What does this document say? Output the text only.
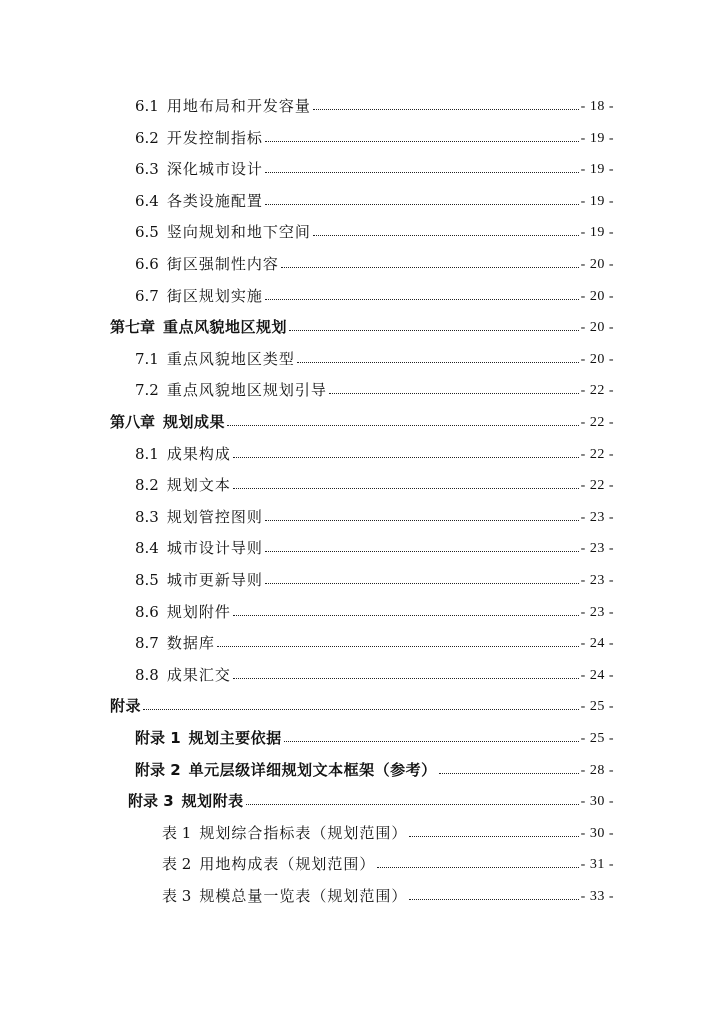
6.1 用地布局和开发容量	- 18 -
6.2 开发控制指标	- 19 -
6.3 深化城市设计	- 19 -
6.4 各类设施配置	- 19 -
6.5 竖向规划和地下空间	- 19 -
6.6 街区强制性内容	- 20 -
6.7 街区规划实施	- 20 -
第七章 重点风貌地区规划	- 20 -
7.1 重点风貌地区类型	- 20 -
7.2 重点风貌地区规划引导	- 22 -
第八章 规划成果	- 22 -
8.1 成果构成	- 22 -
8.2 规划文本	- 22 -
8.3 规划管控图则	- 23 -
8.4 城市设计导则	- 23 -
8.5 城市更新导则	- 23 -
8.6 规划附件	- 23 -
8.7 数据库	- 24 -
8.8 成果汇交	- 24 -
附录	- 25 -
附录 1 规划主要依据	- 25 -
附录 2 单元层级详细规划文本框架（参考）	- 28 -
附录 3 规划附表	- 30 -
表 1 规划综合指标表（规划范围）	- 30 -
表 2 用地构成表（规划范围）	- 31 -
表 3 规模总量一览表（规划范围）	- 33 -
